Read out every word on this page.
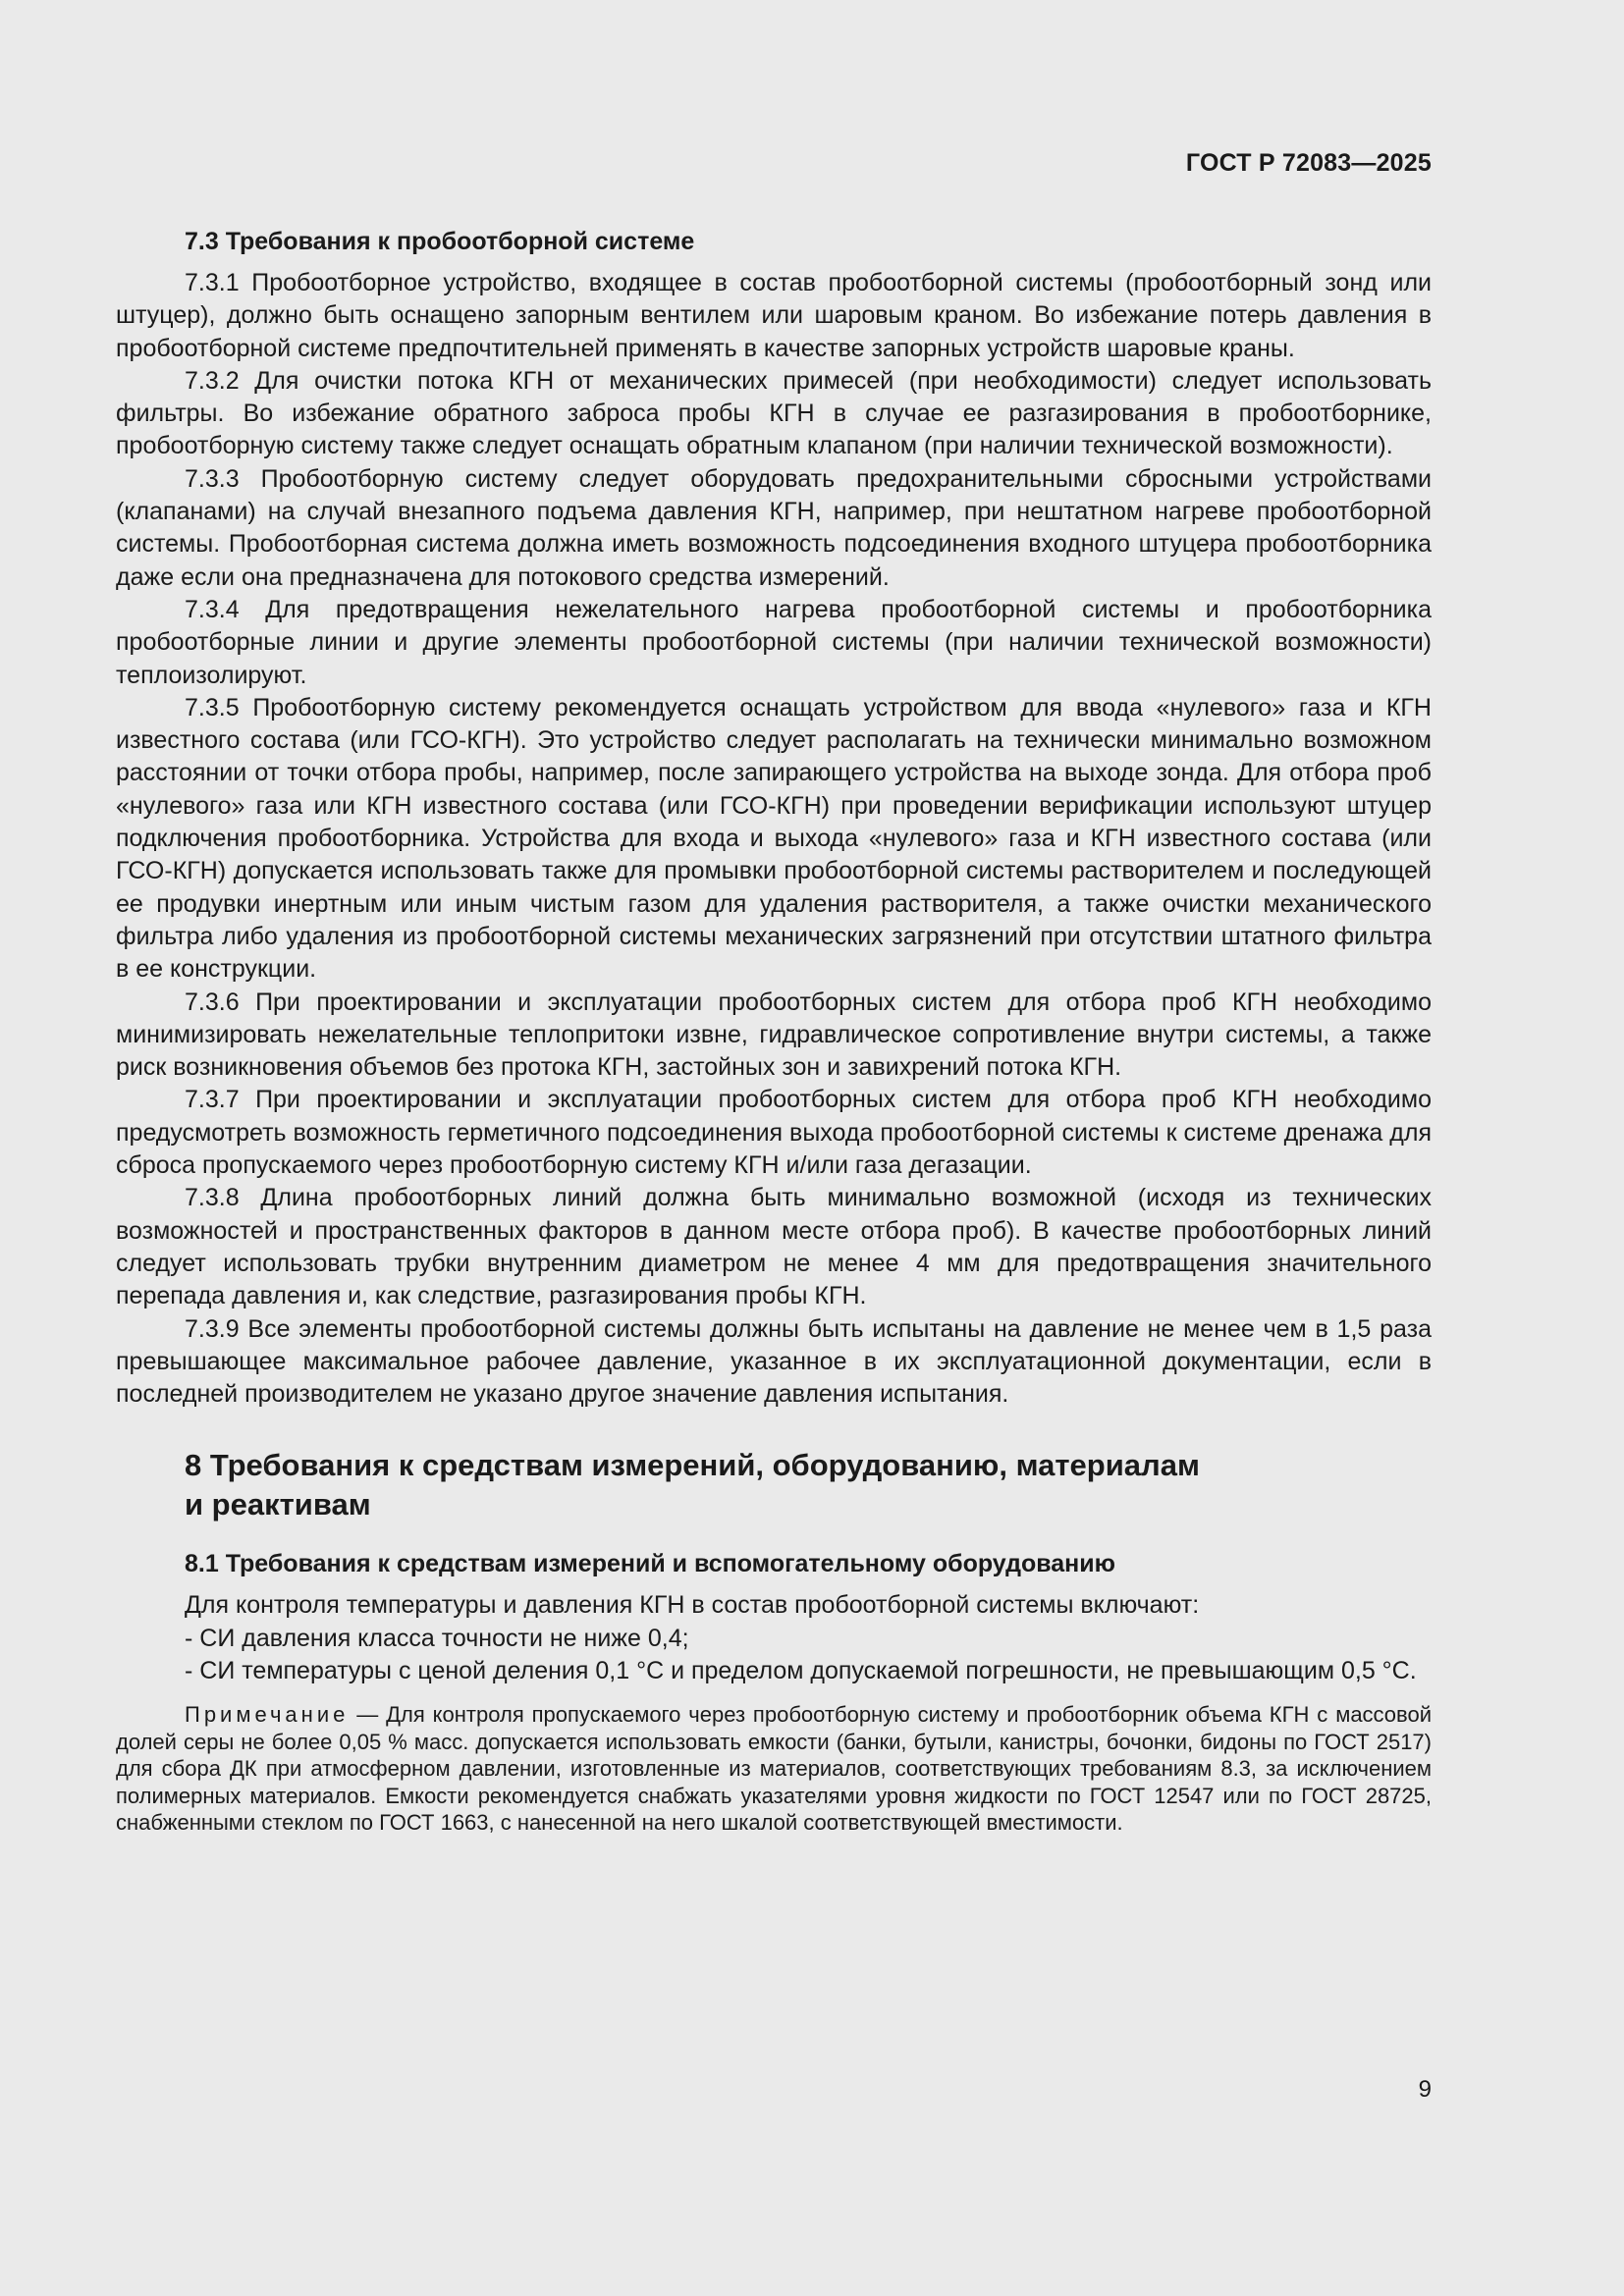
ГОСТ Р 72083—2025
7.3 Требования к пробоотборной системе

7.3.1 Пробоотборное устройство, входящее в состав пробоотборной системы (пробоотборный зонд или штуцер), должно быть оснащено запорным вентилем или шаровым краном. Во избежание потерь давления в пробоотборной системе предпочтительней применять в качестве запорных устройств шаровые краны.

7.3.2 Для очистки потока КГН от механических примесей (при необходимости) следует использовать фильтры. Во избежание обратного заброса пробы КГН в случае ее разгазирования в пробоотборнике, пробоотборную систему также следует оснащать обратным клапаном (при наличии технической возможности).

7.3.3 Пробоотборную систему следует оборудовать предохранительными сбросными устройствами (клапанами) на случай внезапного подъема давления КГН, например, при нештатном нагреве пробоотборной системы. Пробоотборная система должна иметь возможность подсоединения входного штуцера пробоотборника даже если она предназначена для потокового средства измерений.

7.3.4 Для предотвращения нежелательного нагрева пробоотборной системы и пробоотборника пробоотборные линии и другие элементы пробоотборной системы (при наличии технической возможности) теплоизолируют.

7.3.5 Пробоотборную систему рекомендуется оснащать устройством для ввода «нулевого» газа и КГН известного состава (или ГСО-КГН). Это устройство следует располагать на технически минимально возможном расстоянии от точки отбора пробы, например, после запирающего устройства на выходе зонда. Для отбора проб «нулевого» газа или КГН известного состава (или ГСО-КГН) при проведении верификации используют штуцер подключения пробоотборника. Устройства для входа и выхода «нулевого» газа и КГН известного состава (или ГСО-КГН) допускается использовать также для промывки пробоотборной системы растворителем и последующей ее продувки инертным или иным чистым газом для удаления растворителя, а также очистки механического фильтра либо удаления из пробоотборной системы механических загрязнений при отсутствии штатного фильтра в ее конструкции.

7.3.6 При проектировании и эксплуатации пробоотборных систем для отбора проб КГН необходимо минимизировать нежелательные теплопритоки извне, гидравлическое сопротивление внутри системы, а также риск возникновения объемов без протока КГН, застойных зон и завихрений потока КГН.

7.3.7 При проектировании и эксплуатации пробоотборных систем для отбора проб КГН необходимо предусмотреть возможность герметичного подсоединения выхода пробоотборной системы к системе дренажа для сброса пропускаемого через пробоотборную систему КГН и/или газа дегазации.

7.3.8 Длина пробоотборных линий должна быть минимально возможной (исходя из технических возможностей и пространственных факторов в данном месте отбора проб). В качестве пробоотборных линий следует использовать трубки внутренним диаметром не менее 4 мм для предотвращения значительного перепада давления и, как следствие, разгазирования пробы КГН.

7.3.9 Все элементы пробоотборной системы должны быть испытаны на давление не менее чем в 1,5 раза превышающее максимальное рабочее давление, указанное в их эксплуатационной документации, если в последней производителем не указано другое значение давления испытания.

8 Требования к средствам измерений, оборудованию, материалам
и реактивам
8.1 Требования к средствам измерений и вспомогательному оборудованию

Для контроля температуры и давления КГН в состав пробоотборной системы включают:

- СИ давления класса точности не ниже 0,4;

- СИ температуры с ценой деления 0,1 °С и пределом допускаемой погрешности, не превышающим 0,5 °С.

Примечание — Для контроля пропускаемого через пробоотборную систему и пробоотборник объема КГН с массовой долей серы не более 0,05 % масс. допускается использовать емкости (банки, бутыли, канистры, бочонки, бидоны по ГОСТ 2517) для сбора ДК при атмосферном давлении, изготовленные из материалов, соответствующих требованиям 8.3, за исключением полимерных материалов. Емкости рекомендуется снабжать указателями уровня жидкости по ГОСТ 12547 или по ГОСТ 28725, снабженными стеклом по ГОСТ 1663, с нанесенной на него шкалой соответствующей вместимости.

9
